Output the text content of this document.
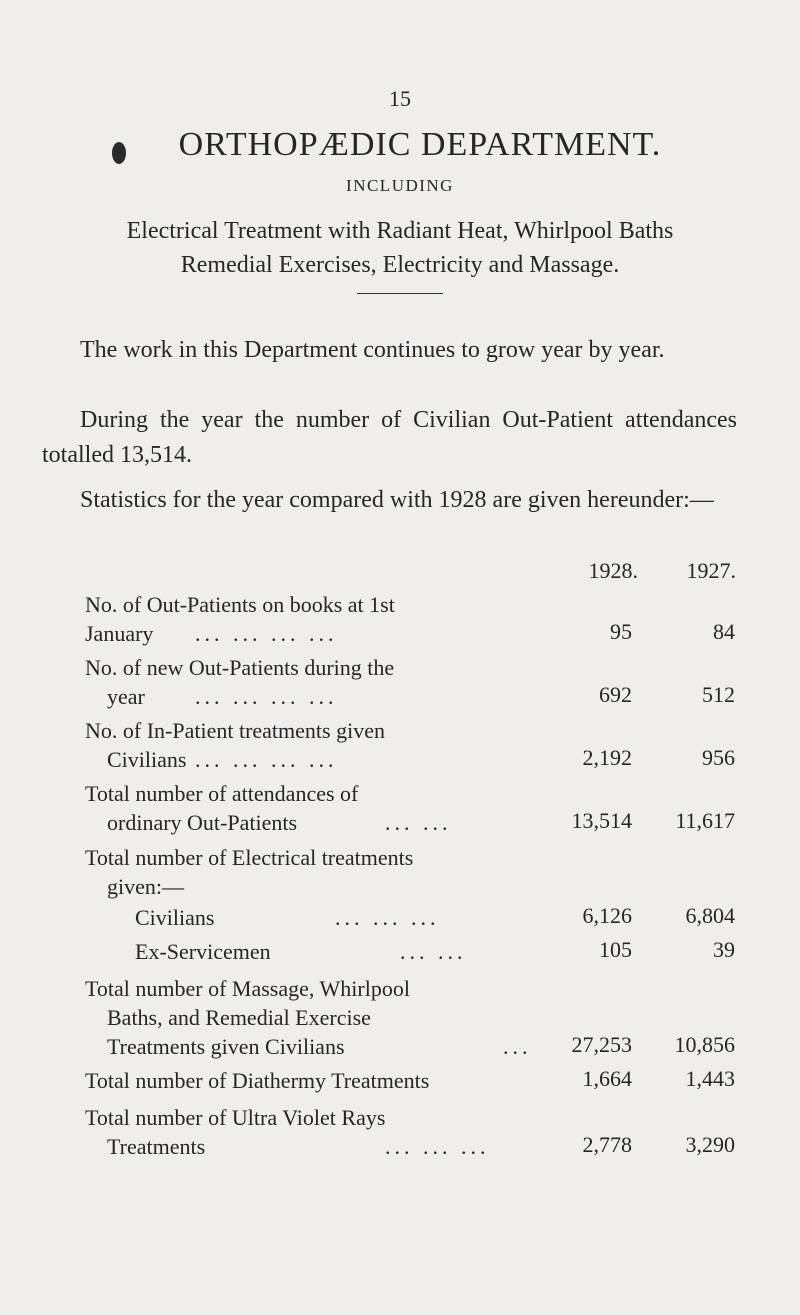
15
ORTHOPÆDIC DEPARTMENT.
INCLUDING
Electrical Treatment with Radiant Heat, Whirlpool Baths
Remedial Exercises, Electricity and Massage.
The work in this Department continues to grow year by year.
During the year the number of Civilian Out-Patient attendances totalled 13,514.
Statistics for the year compared with 1928 are given hereunder:—
1928.	1927.
No. of Out-Patients on books at 1st
January ... ... ... ...	95	84
No. of new Out-Patients during the
year ... ... ... ...	692	512
No. of In-Patient treatments given
Civilians ... ... ... ...	2,192	956
Total number of attendances of
ordinary Out-Patients	... ...	13,514	11,617
Total number of Electrical treatments
given:—
Civilians	... ... ...	6,126	6,804
Ex-Servicemen	... ...	105	39
Total number of Massage, Whirlpool
Baths, and Remedial Exercise
Treatments given Civilians	...	27,253	10,856
Total number of Diathermy Treatments	1,664	1,443
Total number of Ultra Violet Rays
Treatments	... ... ...	2,778	3,290
